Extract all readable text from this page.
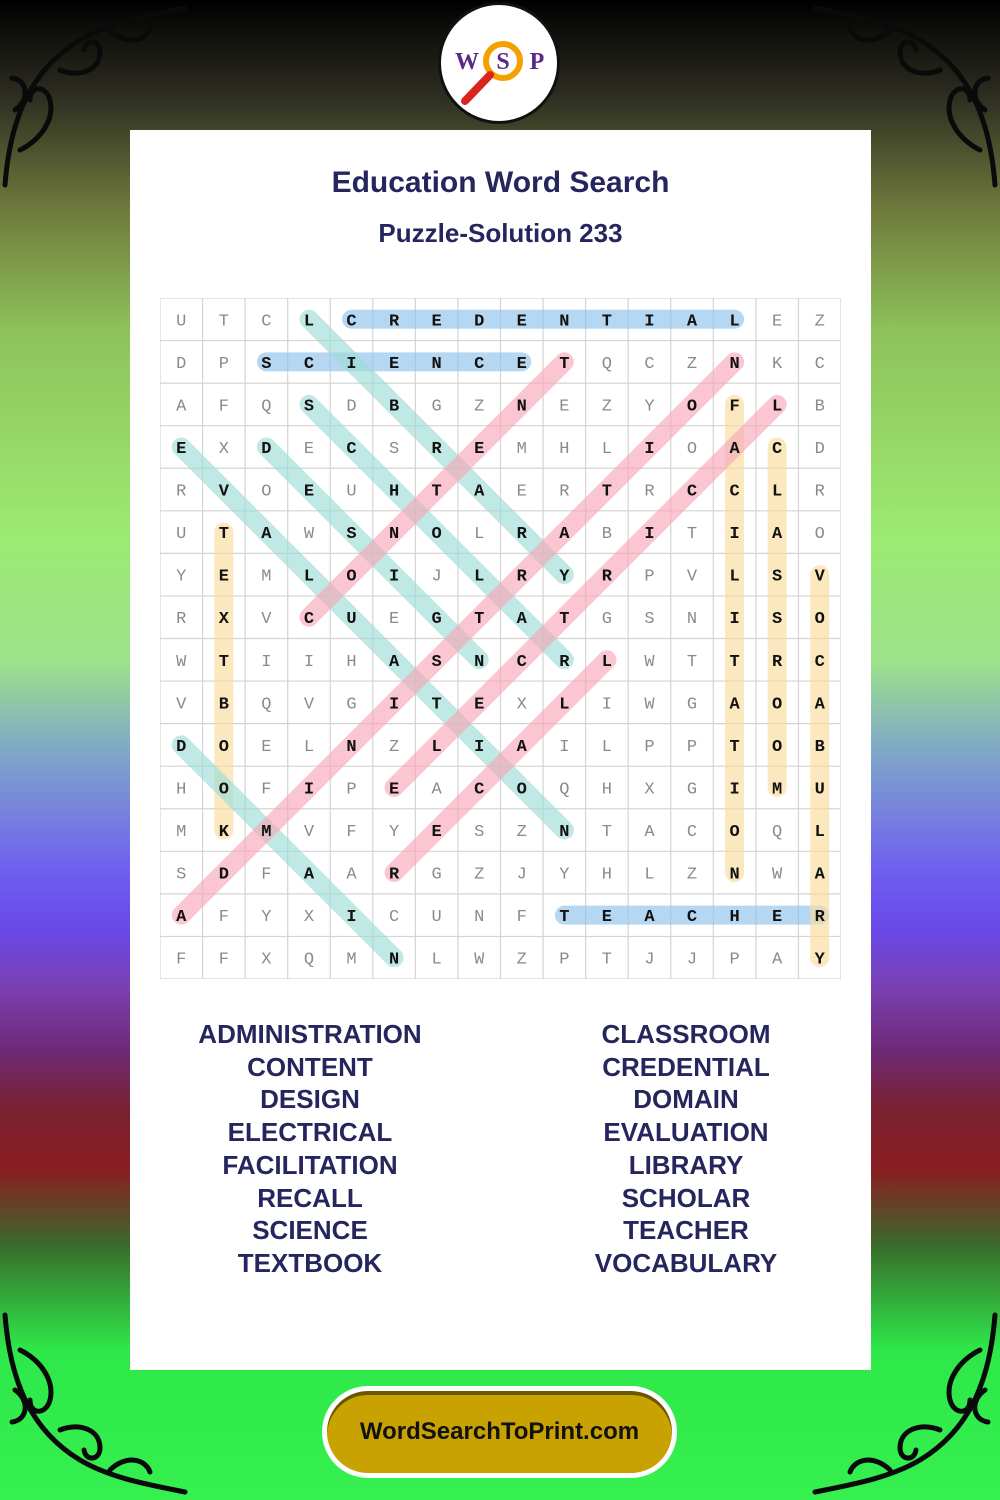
W S P
Education Word Search
Puzzle-Solution 233
U T C L C R E D E N T I A L E Z
D P S C I E N C E T Q C Z N K C
A F Q S D B G Z N E Z Y O F L B
E X D E C S R E M H L I O A C D
R V O E U H T A E R T R C C L R
U T A W S N O L R A B I T I A O
Y E M L O I J L R Y R P V L S V
R X V C U E G T A T G S N I S O
W T I I H A S N C R L W T T R C
V B Q V G I T E X L I W G A O A
D O E L N Z L I A I L P P T O B
H O F I P E A C O Q H X G I M U
M K M V F Y E S Z N T A C O Q L
S D F A A R G Z J Y H L Z N W A
A F Y X I C U N F T E A C H E R
F F X Q M N L W Z P T J J P A Y
ADMINISTRATION
CONTENT
DESIGN
ELECTRICAL
FACILITATION
RECALL
SCIENCE
TEXTBOOK
CLASSROOM
CREDENTIAL
DOMAIN
EVALUATION
LIBRARY
SCHOLAR
TEACHER
VOCABULARY
WordSearchToPrint.com
